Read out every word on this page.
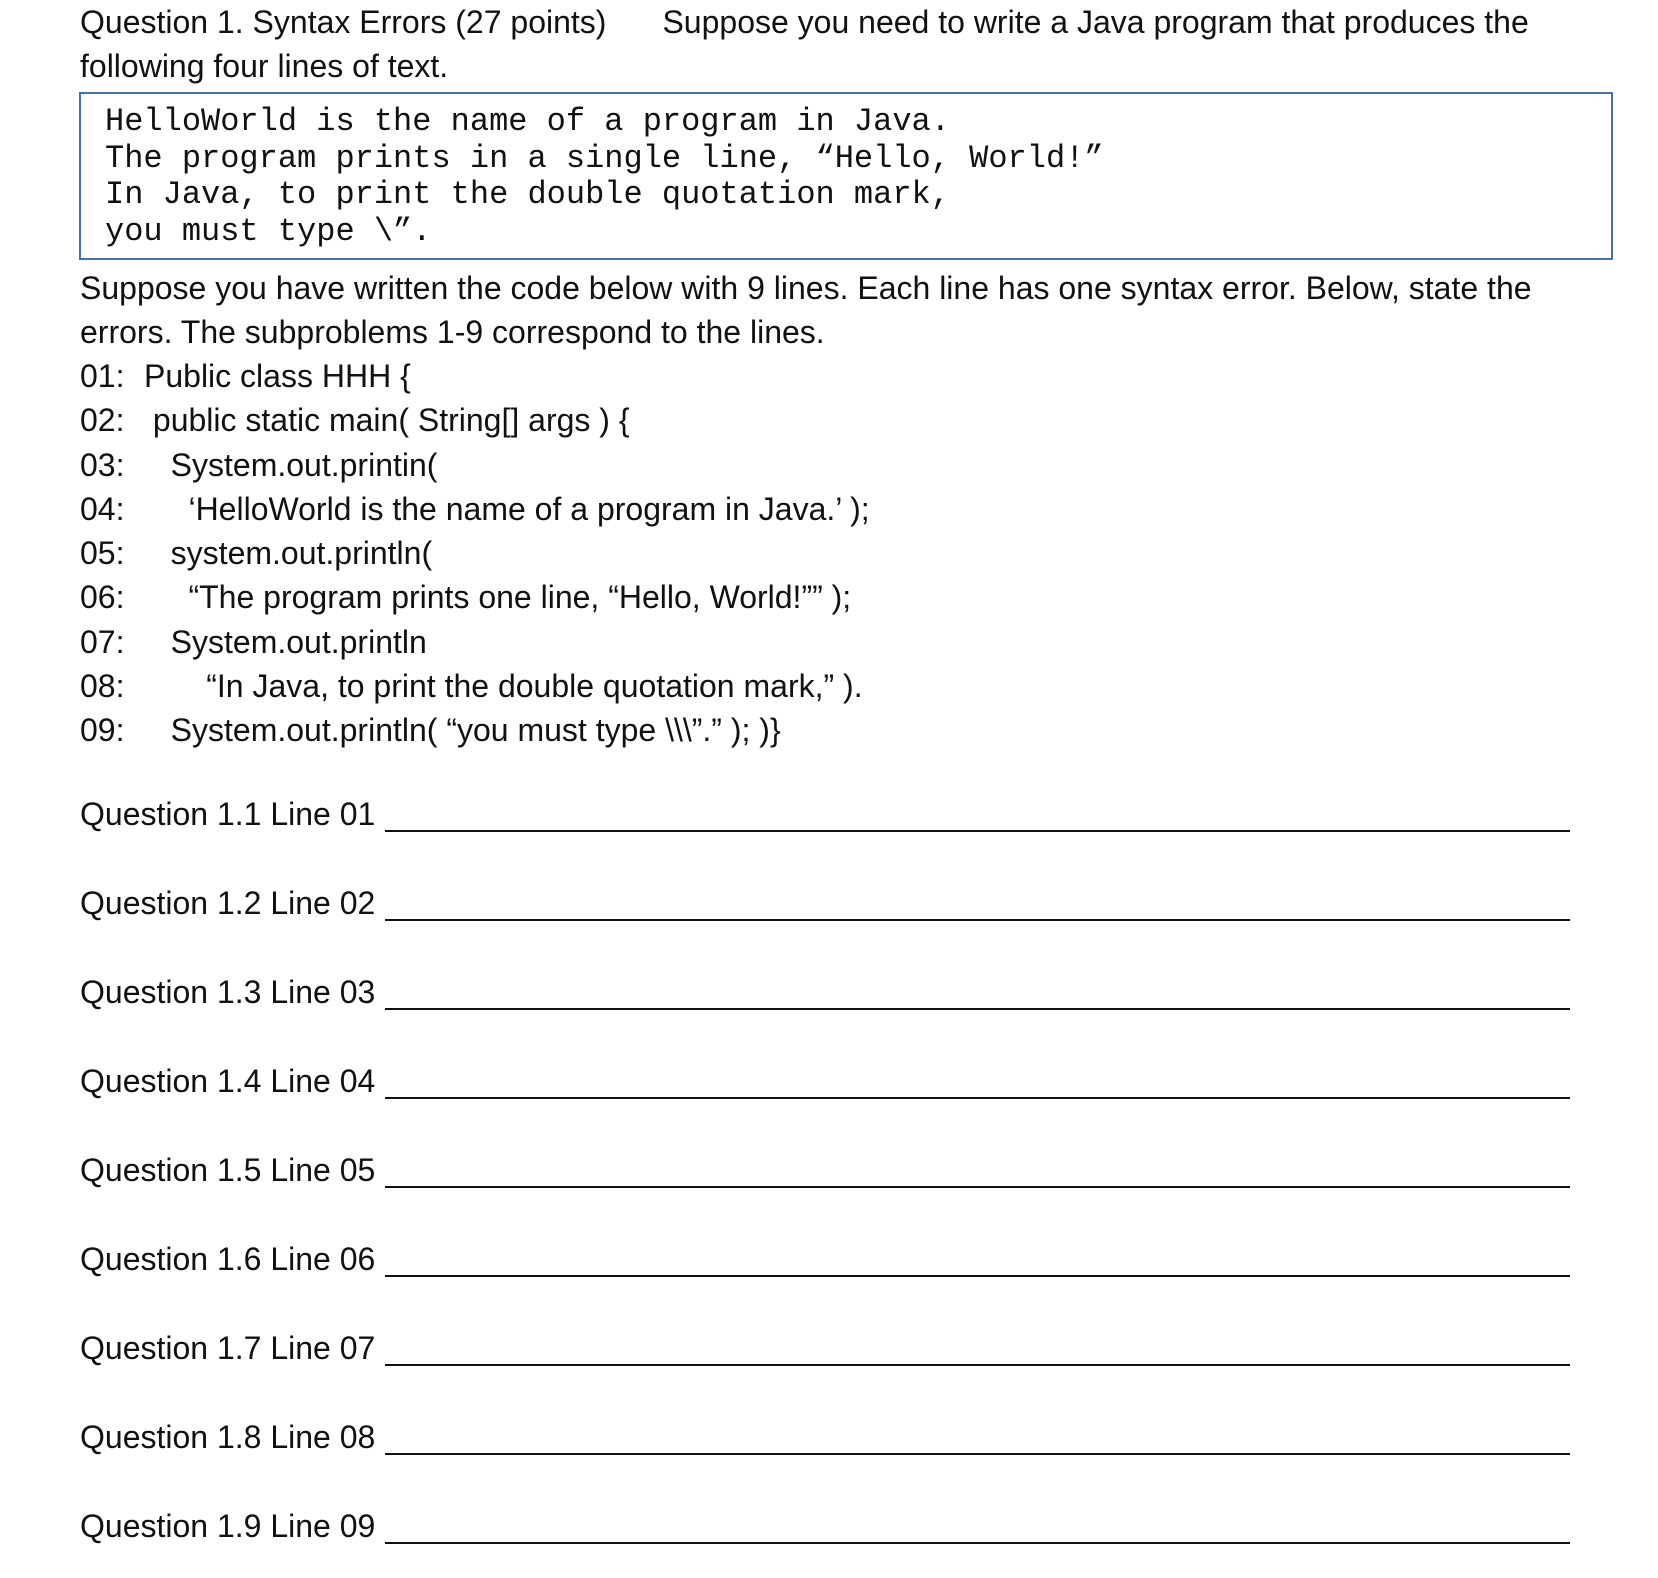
Question 1. Syntax Errors (27 points) Suppose you need to write a Java program that produces the
following four lines of text.
HelloWorld is the name of a program in Java.
The program prints in a single line, “Hello, World!”
In Java, to print the double quotation mark,
you must type \”.
Suppose you have written the code below with 9 lines. Each line has one syntax error. Below, state the errors. The subproblems 1-9 correspond to the lines.
01: Public class HHH {
02: public static main( String[] args ) {
03: System.out.printin(
04: ‘HelloWorld is the name of a program in Java.’ );
05: system.out.println(
06: “The program prints one line, “Hello, World!”” );
07: System.out.println
08: “In Java, to print the double quotation mark,” ).
09: System.out.println( “you must type \\\”.” ); )}
Question 1.1 Line 01
Question 1.2 Line 02
Question 1.3 Line 03
Question 1.4 Line 04
Question 1.5 Line 05
Question 1.6 Line 06
Question 1.7 Line 07
Question 1.8 Line 08
Question 1.9 Line 09
